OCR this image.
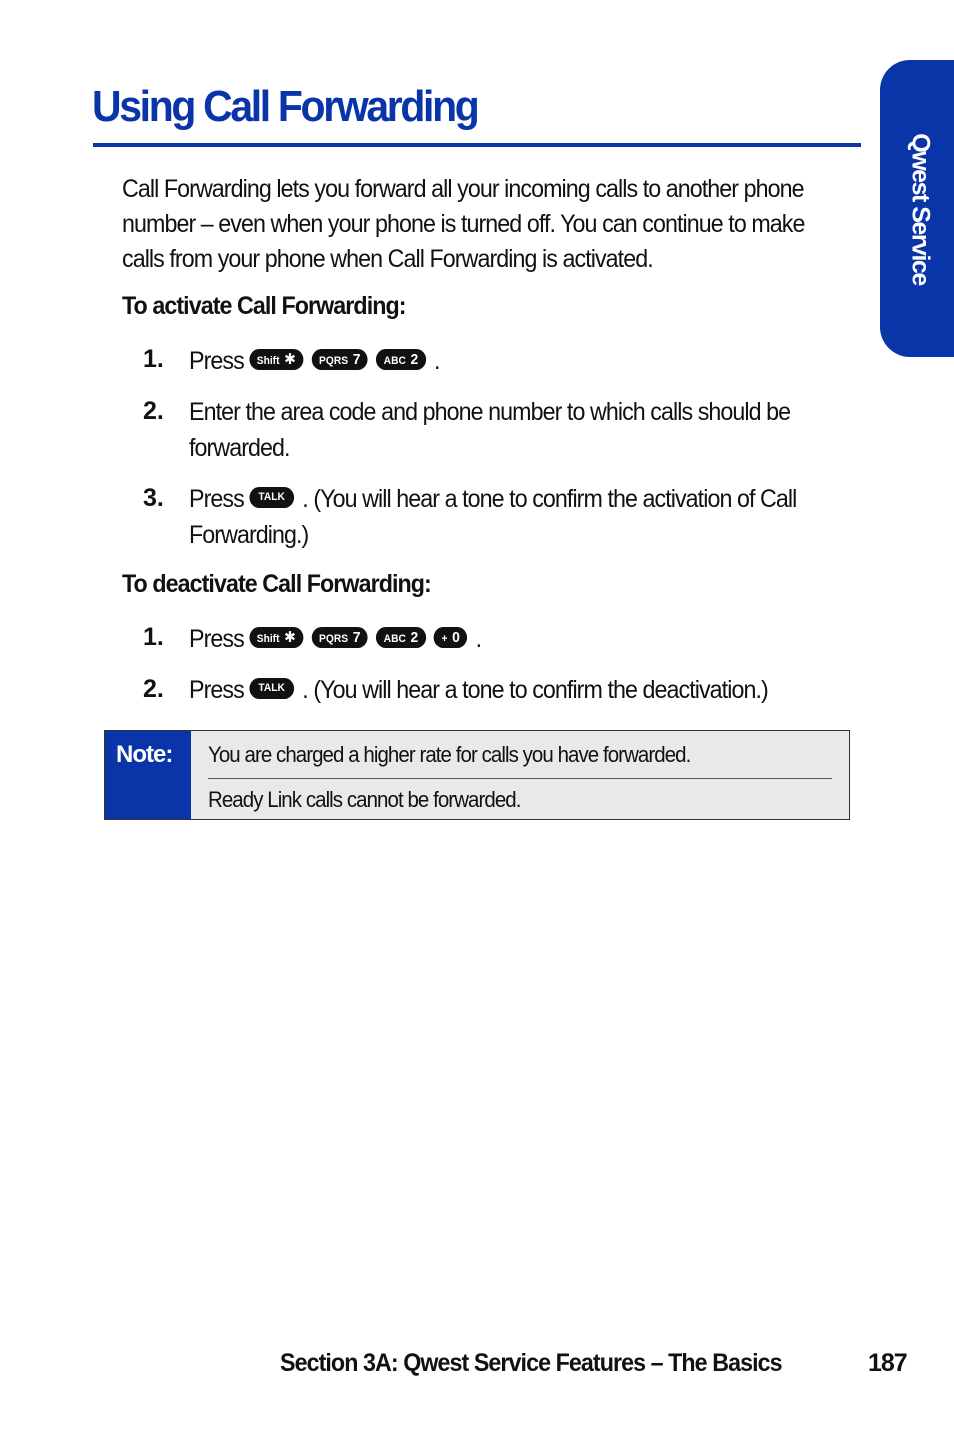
Using Call Forwarding
Qwest Service

Call Forwarding lets you forward all your incoming calls to another phone number – even when your phone is turned off. You can continue to make calls from your phone when Call Forwarding is activated.

To activate Call Forwarding:
1. Press Shift ✱ PQRS 7 ABC 2 .
2. Enter the area code and phone number to which calls should be forwarded.
3. Press TALK . (You will hear a tone to confirm the activation of Call Forwarding.)
To deactivate Call Forwarding:
1. Press Shift ✱ PQRS 7 ABC 2 + 0 .
2. Press TALK . (You will hear a tone to confirm the deactivation.)
Note: You are charged a higher rate for calls you have forwarded.
Ready Link calls cannot be forwarded.
Section 3A: Qwest Service Features – The Basics	187
